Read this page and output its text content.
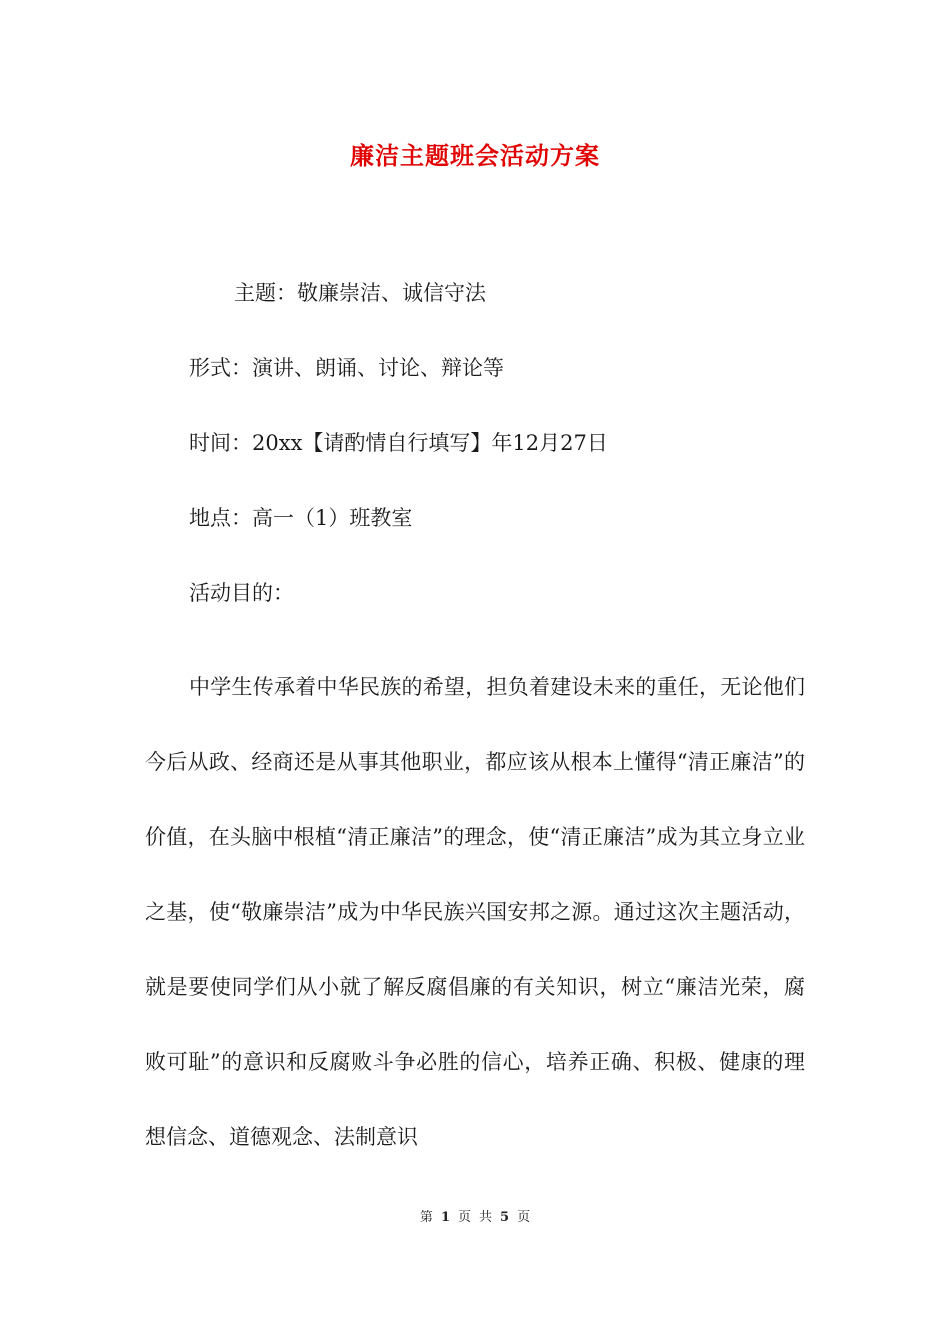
廉洁主题班会活动方案
主题：敬廉崇洁、诚信守法
形式：演讲、朗诵、讨论、辩论等
时间：20xx【请酌情自行填写】年12月27日
地点：高一（1）班教室
活动目的：
中学生传承着中华民族的希望，担负着建设未来的重任，无论他们今后从政、经商还是从事其他职业，都应该从根本上懂得“清正廉洁”的价值，在头脑中根植“清正廉洁”的理念，使“清正廉洁”成为其立身立业之基，使“敬廉崇洁”成为中华民族兴国安邦之源。通过这次主题活动，就是要使同学们从小就了解反腐倡廉的有关知识，树立“廉洁光荣，腐败可耻”的意识和反腐败斗争必胜的信心，培养正确、积极、健康的理想信念、道德观念、法制意识
第 1 页 共 5 页
